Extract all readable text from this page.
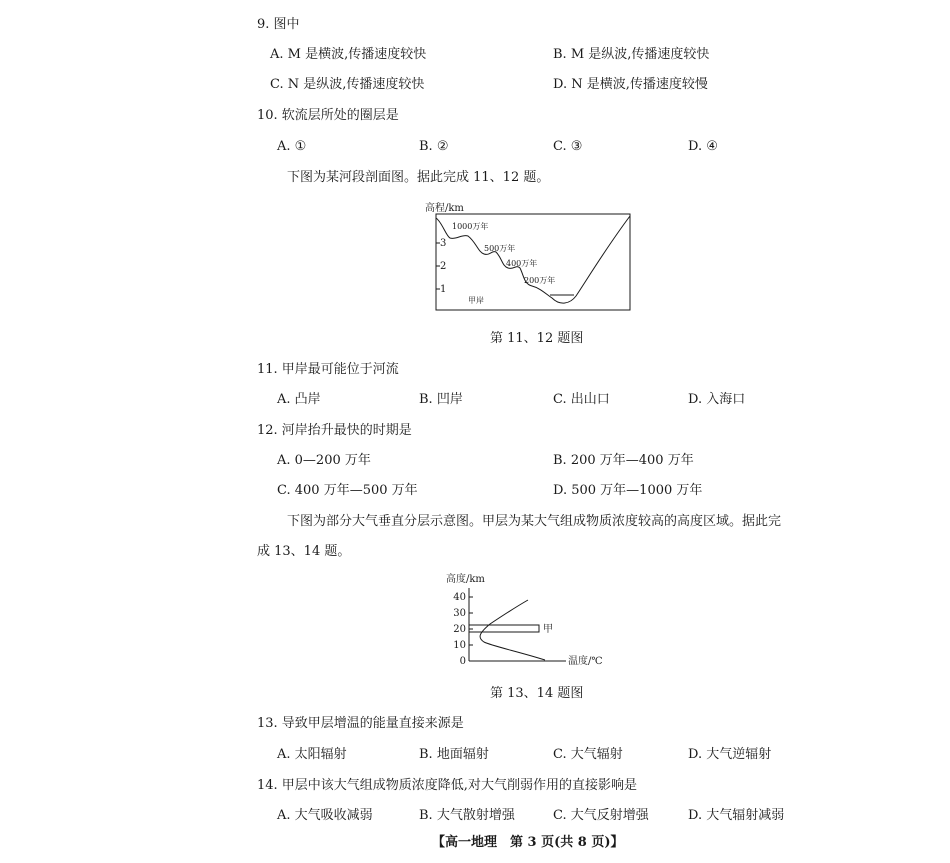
9. 图中
A. M 是横波,传播速度较快	B. M 是纵波,传播速度较快
C. N 是纵波,传播速度较快	D. N 是横波,传播速度较慢
10. 软流层所处的圈层是
A. ①	B. ②	C. ③	D. ④
下图为某河段剖面图。据此完成 11、12 题。
高程/km
3
2
1
1000万年
500万年
400万年
200万年
甲岸
第 11、12 题图
11. 甲岸最可能位于河流
A. 凸岸	B. 凹岸	C. 出山口	D. 入海口
12. 河岸抬升最快的时期是
A. 0—200 万年	B. 200 万年—400 万年
C. 400 万年—500 万年	D. 500 万年—1000 万年
下图为部分大气垂直分层示意图。甲层为某大气组成物质浓度较高的高度区域。据此完
成 13、14 题。
高度/km
40
30
20
10
0
甲
温度/℃
第 13、14 题图
13. 导致甲层增温的能量直接来源是
A. 太阳辐射	B. 地面辐射	C. 大气辐射	D. 大气逆辐射
14. 甲层中该大气组成物质浓度降低,对大气削弱作用的直接影响是
A. 大气吸收减弱	B. 大气散射增强	C. 大气反射增强	D. 大气辐射减弱
【高一地理　第 3 页(共 8 页)】
